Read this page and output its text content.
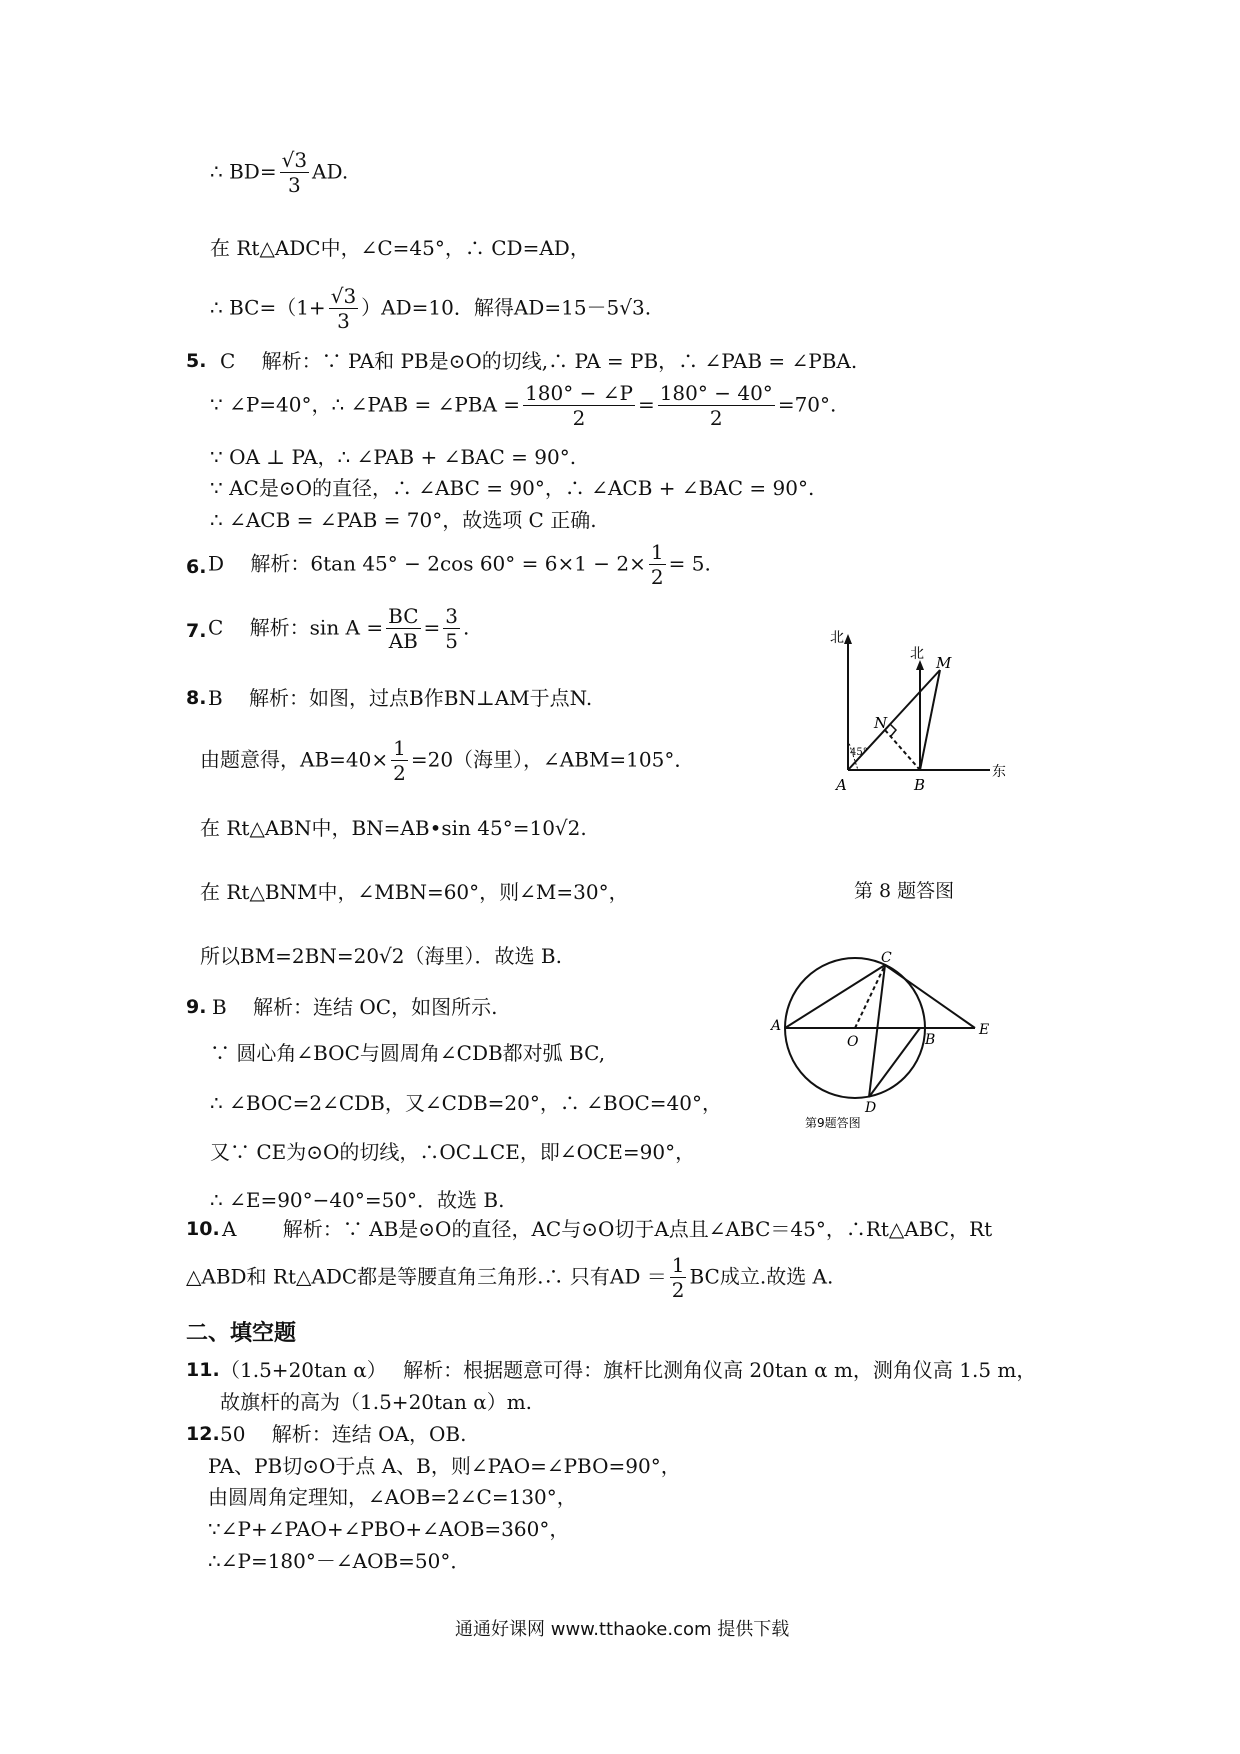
∴ $BD= \frac{√3}{3}$ AD.
在 Rt△ADC中，∠C=45°，∴ CD=AD，
∴ $BC=(1+ \frac{√3}{3} )AD=10$．解得AD=15－5√3.
5. C　 解析：∵ PA和 PB是⊙O的切线,∴ PA = PB，∴ ∠PAB = ∠PBA.
∵ ∠P=40°，∴ ∠PAB = ∠PBA = $\frac{180^\circ - \angle P}{2} = \frac{180^\circ - 40^\circ}{2} =70^\circ$.
∵ OA ⊥ PA，∴ ∠PAB + ∠BAC = 90°.
∵ AC是⊙O的直径，∴ ∠ABC = 90°，∴ ∠ACB + ∠BAC = 90°.
∴ ∠ACB = ∠PAB = 70°，故选项 C 正确.
6. D　 解析：6tan 45° − 2cos $60^\circ = 6\times 1 - 2\times \frac{1}{2} = 5$.
7. C　 解析：$\sin A = \frac{BC}{AB} = \frac{3}{5}$ .
8. B　 解析：如图，过点B作BN⊥AM于点N.
由题意得，$AB=40\times \frac{1}{2} =20$（海里），∠ABM=105°．
在 Rt△ABN中，BN=AB•sin 45°=10√2.
在 Rt△BNM中，∠MBN=60°，则∠M=30°，	第 8 题答图
所以BM=2BN=20√2（海里）．故选 B.
北
北
东
A	B
M
N
45°
9. B　 解析：连结 OC，如图所示.
∵ 圆心角∠BOC与圆周角∠CDB都对弧 BC,
∴ ∠BOC=2∠CDB，又∠CDB=20°，∴ ∠BOC=40°，
又∵ CE为⊙O的切线，∴OC⊥CE，即∠OCE=90°，
∴ ∠E=90°−40°=50°．故选 B.
A
B
C
D
E
O
第9题答图
10. A　　 解析：∵ AB是⊙O的直径，AC与⊙O切于A点且∠ABC＝45°，∴Rt△ABC，Rt
△ABD和 Rt△ADC都是等腰直角三角形.∴ 只有AD ＝ $\frac{1}{2}$ BC成立.故选 A.
二、填空题
11. （1.5+20tan α）　 解析：根据题意可得：旗杆比测角仪高 20tan α m，测角仪高 1.5 m，
故旗杆的高为（1.5+20tan α）m.
12. 50　 解析：连结 OA，OB.
PA、PB切⊙O于点 A、B，则∠PAO=∠PBO=90°，
由圆周角定理知，∠AOB=2∠C=130°，
∵∠P+∠PAO+∠PBO+∠AOB=360°，
∴∠P=180°－∠AOB=50°．
通通好课网 www.tthaoke.com 提供下载
